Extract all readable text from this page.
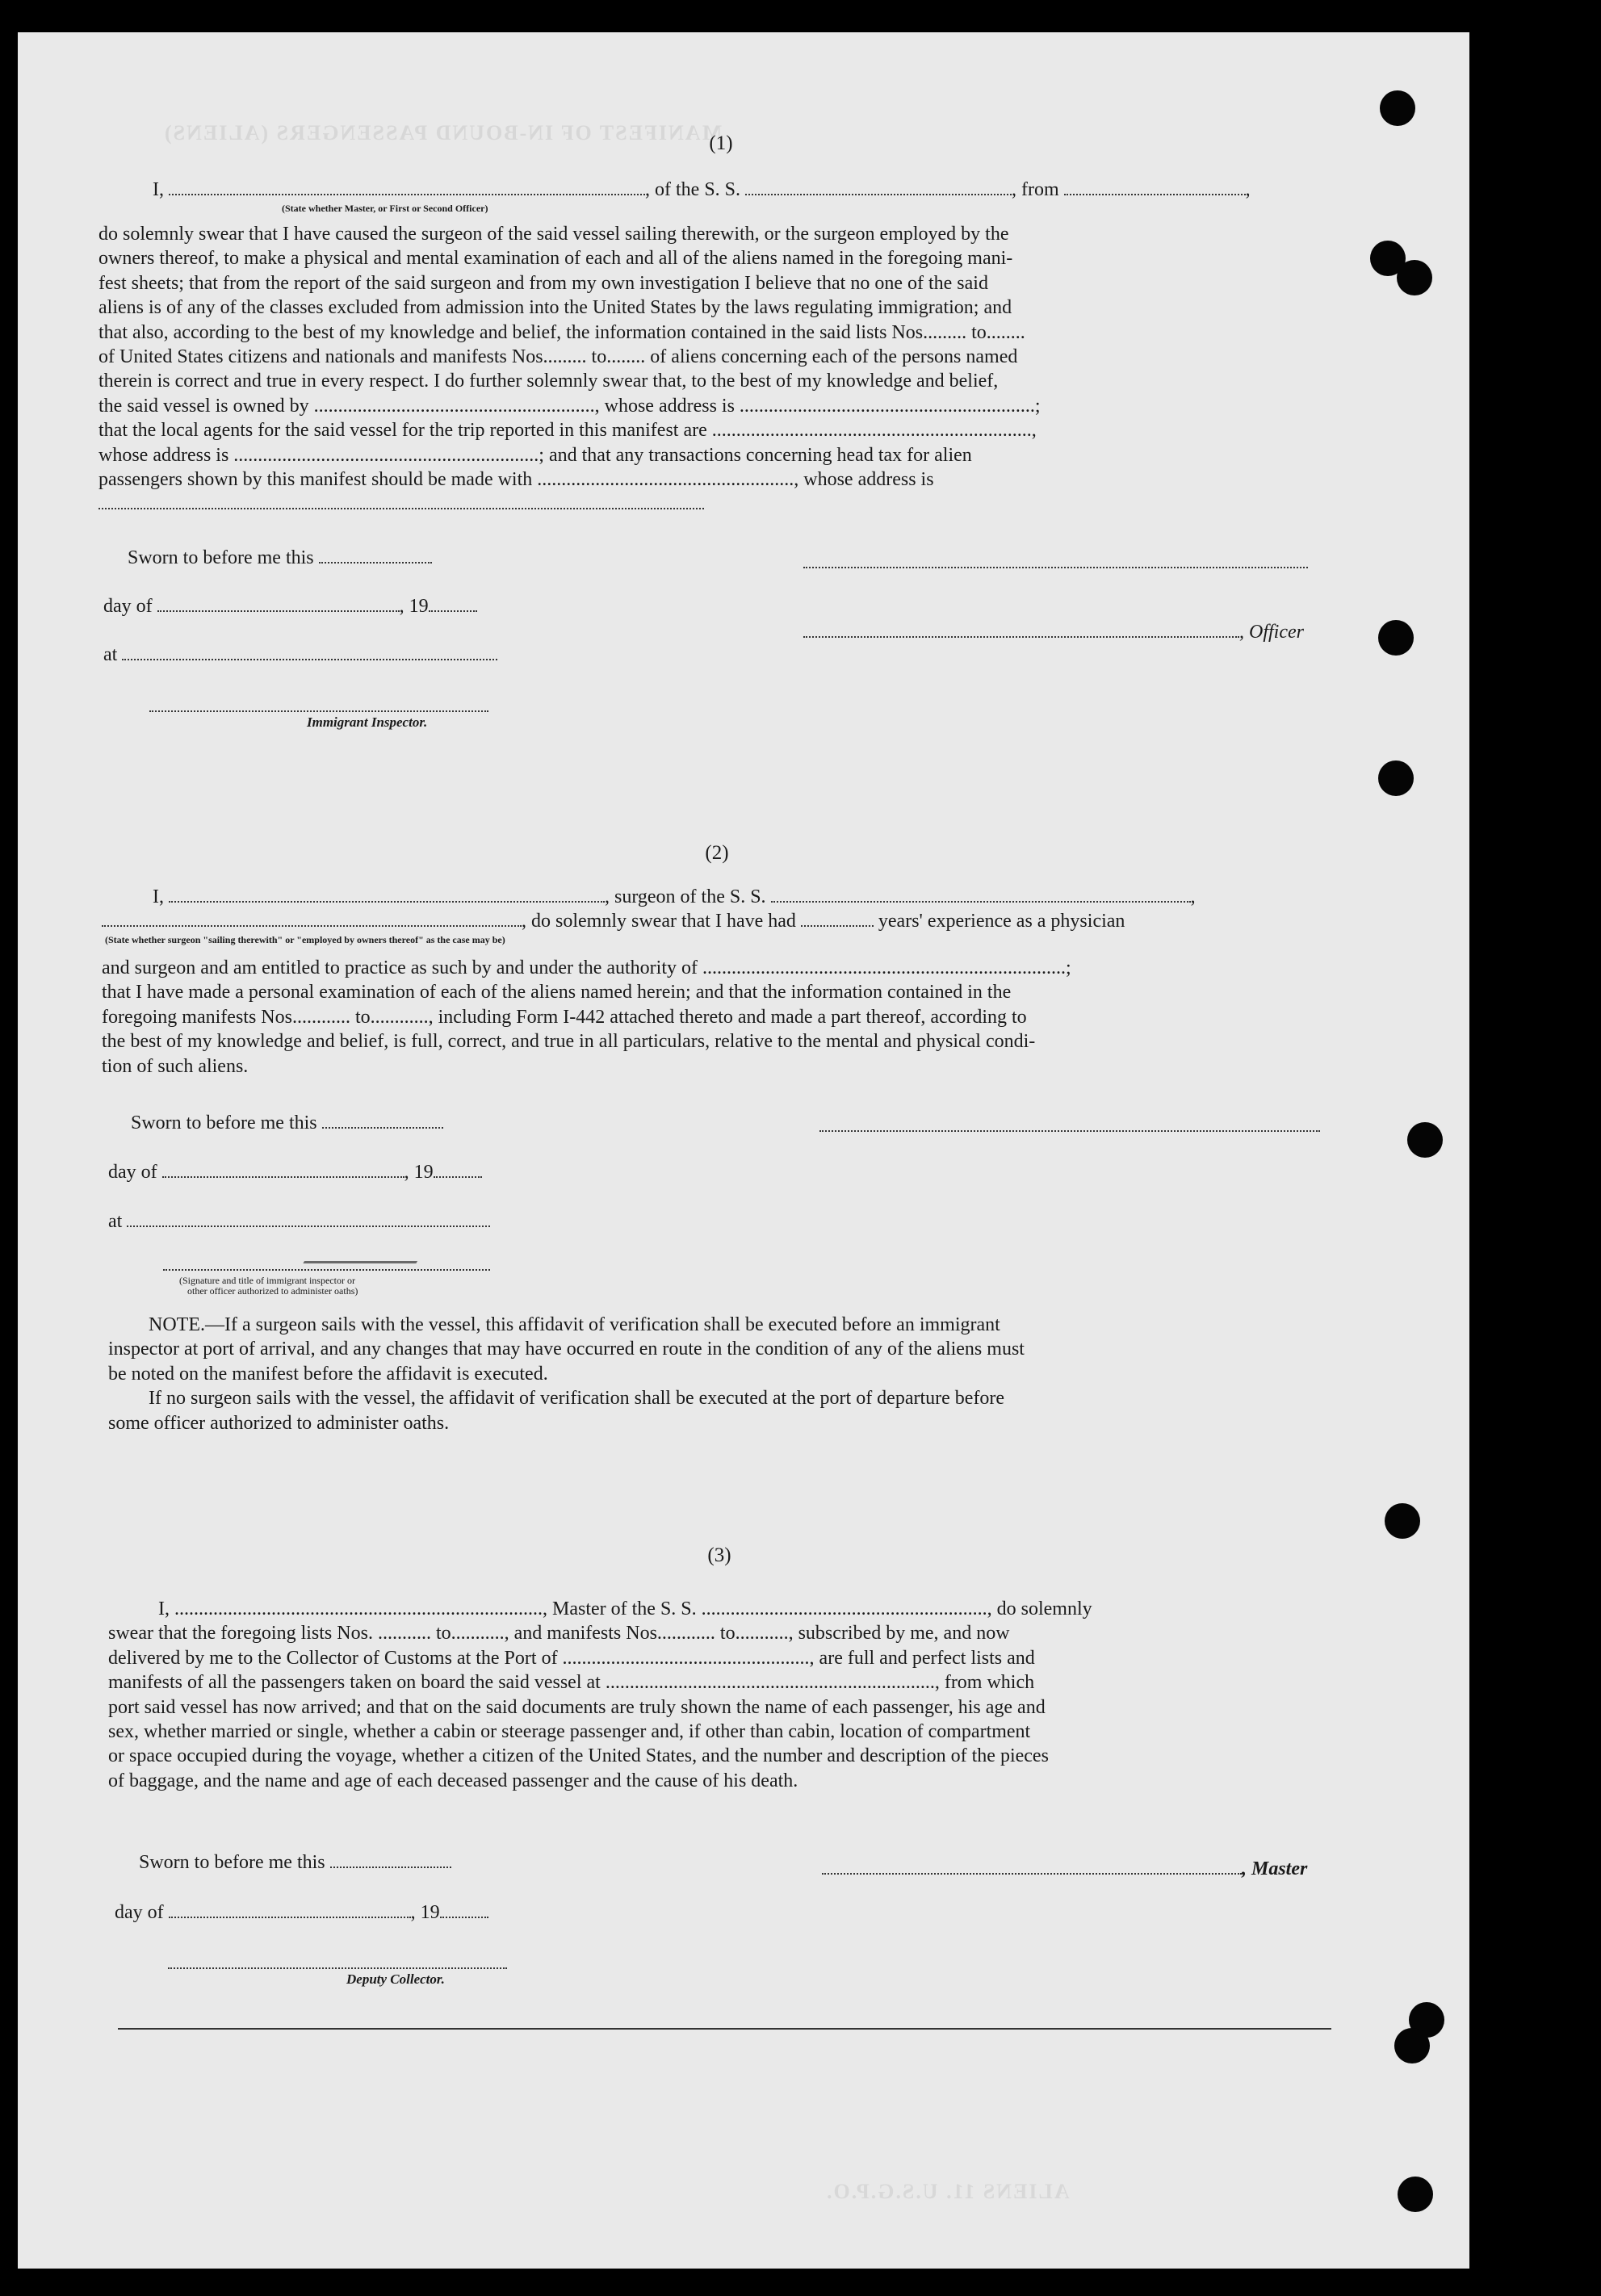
MANIFEST OF IN-BOUND PASSENGERS (ALIENS)
ALIENS 11. U.S.G.P.O.
(1)
I,	, of the S. S.	, from	,
(State whether Master, or First or Second Officer)
do solemnly swear that I have caused the surgeon of the said vessel sailing therewith, or the surgeon employed by the
owners thereof, to make a physical and mental examination of each and all of the aliens named in the foregoing mani-
fest sheets; that from the report of the said surgeon and from my own investigation I believe that no one of the said
aliens is of any of the classes excluded from admission into the United States by the laws regulating immigration; and
that also, according to the best of my knowledge and belief, the information contained in the said lists Nos......... to........
of United States citizens and nationals and manifests Nos......... to........ of aliens concerning each of the persons named
therein is correct and true in every respect. I do further solemnly swear that, to the best of my knowledge and belief,
the said vessel is owned by .........................................................., whose address is .............................................................;
that the local agents for the said vessel for the trip reported in this manifest are ..................................................................,
whose address is ...............................................................; and that any transactions concerning head tax for alien
passengers shown by this manifest should be made with ....................................................., whose address is
Sworn to before me this
day of	, 19
at
Immigrant Inspector.
, Officer
(2)
I,	, surgeon of the S. S.	,
, do solemnly swear that I have had	years' experience as a physician
(State whether surgeon "sailing therewith" or "employed by owners thereof" as the case may be)
and surgeon and am entitled to practice as such by and under the authority of ...........................................................................;
that I have made a personal examination of each of the aliens named herein; and that the information contained in the
foregoing manifests Nos............ to............, including Form I-442 attached thereto and made a part thereof, according to
the best of my knowledge and belief, is full, correct, and true in all particulars, relative to the mental and physical condi-
tion of such aliens.
Sworn to before me this
day of	, 19
at
(Signature and title of immigrant inspector or
other officer authorized to administer oaths)
NOTE.—If a surgeon sails with the vessel, this affidavit of verification shall be executed before an immigrant
inspector at port of arrival, and any changes that may have occurred en route in the condition of any of the aliens must
be noted on the manifest before the affidavit is executed.
If no surgeon sails with the vessel, the affidavit of verification shall be executed at the port of departure before
some officer authorized to administer oaths.
(3)
I, ............................................................................, Master of the S. S. ..........................................................., do solemnly
swear that the foregoing lists Nos. ........... to..........., and manifests Nos............ to..........., subscribed by me, and now
delivered by me to the Collector of Customs at the Port of ..................................................., are full and perfect lists and
manifests of all the passengers taken on board the said vessel at ...................................................................., from which
port said vessel has now arrived; and that on the said documents are truly shown the name of each passenger, his age and
sex, whether married or single, whether a cabin or steerage passenger and, if other than cabin, location of compartment
or space occupied during the voyage, whether a citizen of the United States, and the number and description of the pieces
of baggage, and the name and age of each deceased passenger and the cause of his death.
Sworn to before me this
day of	, 19
Deputy Collector.
, Master
